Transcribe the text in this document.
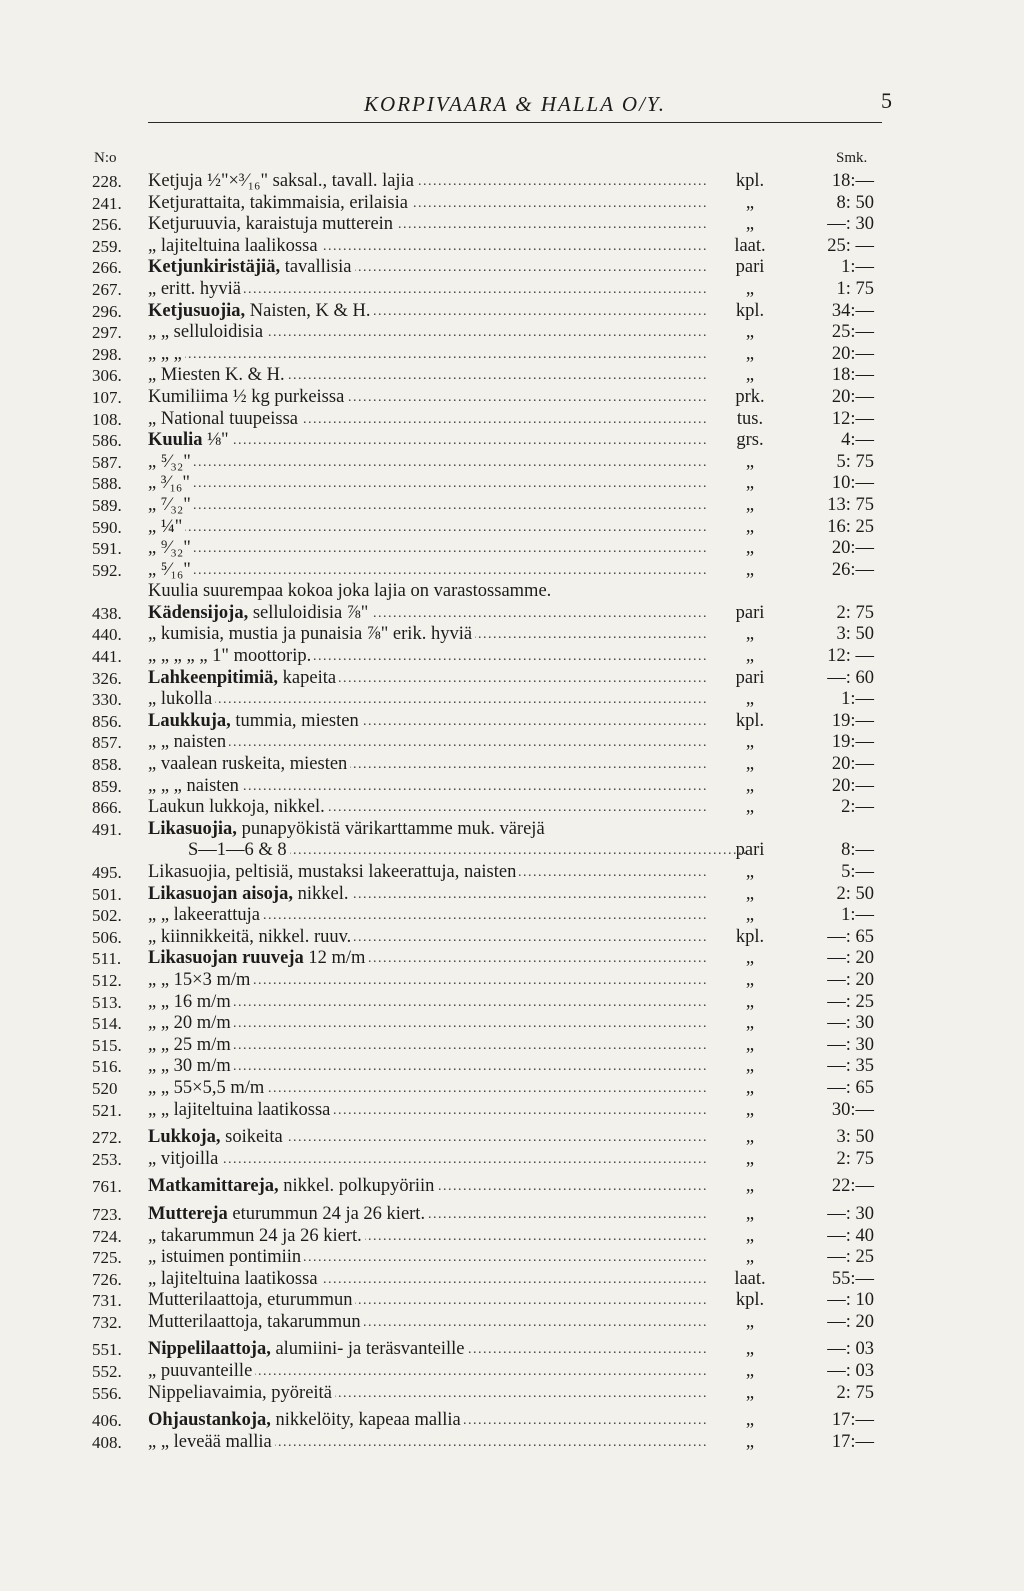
KORPIVAARA & HALLA O/Y.	5
N:o	Smk.
228.	Ketjuja ½"×³⁄₁₆" saksal., tavall. lajia . . .	kpl.	18:—
241.	Ketjurattaita, takimmaisia, erilaisia . . .	„	8: 50
256.	Ketjuruuvia, karaistuja mutterein . . .	„	—: 30
259.	„ lajiteltuina laalikossa . . .	laat.	25: —
266.	Ketjunkiristäjiä, tavallisia . . .	pari	1:—
267.	„ eritt. hyviä . . .	„	1: 75
296.	Ketjusuojia, Naisten, K & H. . . .	kpl.	34:—
297.	„ „ selluloidisia . . .	„	25:—
298.	„ „ „ . . .	„	20:—
306.	„ Miesten K. & H. . . .	„	18:—
107.	Kumiliima ½ kg purkeissa . . .	prk.	20:—
108.	„ National tuupeissa . . .	tus.	12:—
586.	Kuulia ⅛" . . .	grs.	4:—
587.	„ ⁵⁄₃₂" . . .	„	5: 75
588.	„ ³⁄₁₆" . . .	„	10:—
589.	„ ⁷⁄₃₂" . . .	„	13: 75
590.	„ ¼" . . .	„	16: 25
591.	„ ⁹⁄₃₂" . . .	„	20:—
592.	„ ⁵⁄₁₆" . . .	„	26:—
Kuulia suurempaa kokoa joka lajia on varastossamme.
438.	Kädensijoja, selluloidisia ⅞" . . .	pari	2: 75
440.	„ kumisia, mustia ja punaisia ⅞" erik. hyviä . . .	„	3: 50
441.	„ „ „ „ „ 1" moottorip. . . .	„	12: —
326.	Lahkeenpitimiä, kapeita . . .	pari	—: 60
330.	„ lukolla . . .	„	1:—
856.	Laukkuja, tummia, miesten . . .	kpl.	19:—
857.	„ „ naisten . . .	„	19:—
858.	„ vaalean ruskeita, miesten . . .	„	20:—
859.	„ „ „ naisten . . .	„	20:—
866.	Laukun lukkoja, nikkel. . . .	„	2:—
491.	Likasuojia, punapyökistä värikarttamme muk. värejä
S—1—6 & 8 . . .	pari	8:—
495.	Likasuojia, peltisiä, mustaksi lakeerattuja, naisten . . .	„	5:—
501.	Likasuojan aisoja, nikkel. . . .	„	2: 50
502.	„ „ lakeerattuja . . .	„	1:—
506.	„ kiinnikkeitä, nikkel. ruuv. . . .	kpl.	—: 65
511.	Likasuojan ruuveja 12 m/m . . .	„	—: 20
512.	„ „ 15×3 m/m . . .	„	—: 20
513.	„ „ 16 m/m . . .	„	—: 25
514.	„ „ 20 m/m . . .	„	—: 30
515.	„ „ 25 m/m . . .	„	—: 30
516.	„ „ 30 m/m . . .	„	—: 35
520	„ „ 55×5,5 m/m . . .	„	—: 65
521.	„ „ lajiteltuina laatikossa . . .	„	30:—
272.	Lukkoja, soikeita . . .	„	3: 50
253.	„ vitjoilla . . .	„	2: 75
761.	Matkamittareja, nikkel. polkupyöriin . . .	„	22:—
723.	Muttereja eturummun 24 ja 26 kiert. . . .	„	—: 30
724.	„ takarummun 24 ja 26 kiert. . . .	„	—: 40
725.	„ istuimen pontimiin . . .	„	—: 25
726.	„ lajiteltuina laatikossa . . .	laat.	55:—
731.	Mutterilaattoja, eturummun . . .	kpl.	—: 10
732.	Mutterilaattoja, takarummun . . .	„	—: 20
551.	Nippelilaattoja, alumiini- ja teräsvanteille . . .	„	—: 03
552.	„ puuvanteille . . .	„	—: 03
556.	Nippeliavaimia, pyöreitä . . .	„	2: 75
406.	Ohjaustankoja, nikkelöity, kapeaa mallia . . .	„	17:—
408.	„ „ leveää mallia . . .	„	17:—
